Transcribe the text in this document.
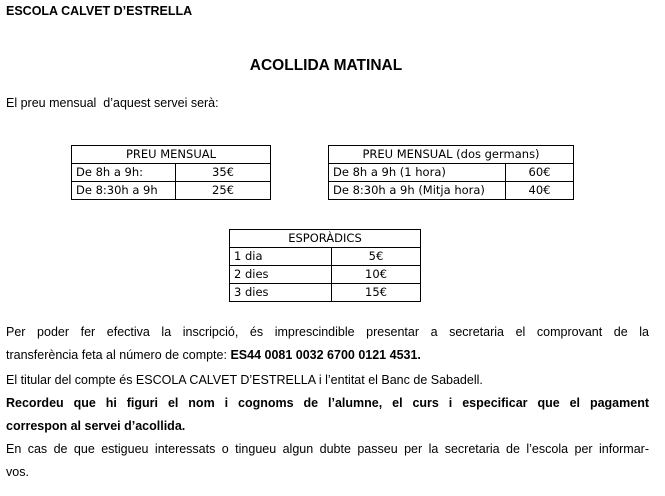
ESCOLA CALVET D’ESTRELLA
ACOLLIDA MATINAL
El preu mensual  d’aquest servei serà:
PREU MENSUAL	
De 8h a 9h:	35€
De 8:30h a 9h	25€
PREU MENSUAL (dos germans)	
De 8h a 9h (1 hora)	60€
De 8:30h a 9h (Mitja hora)	40€
ESPORÀDICS	
1 dia	5€
2 dies	10€
3 dies	15€
Per poder fer efectiva la inscripció, és imprescindible presentar a secretaria el comprovant de la
transferència feta al número de compte: ES44 0081 0032 6700 0121 4531.
El titular del compte és ESCOLA CALVET D’ESTRELLA i l’entitat el Banc de Sabadell.
Recordeu que hi figuri el nom i cognoms de l’alumne, el curs i especificar que el pagament
correspon al servei d’acollida.
En cas de que estigueu interessats o tingueu algun dubte passeu per la secretaria de l’escola per informar-
vos.
